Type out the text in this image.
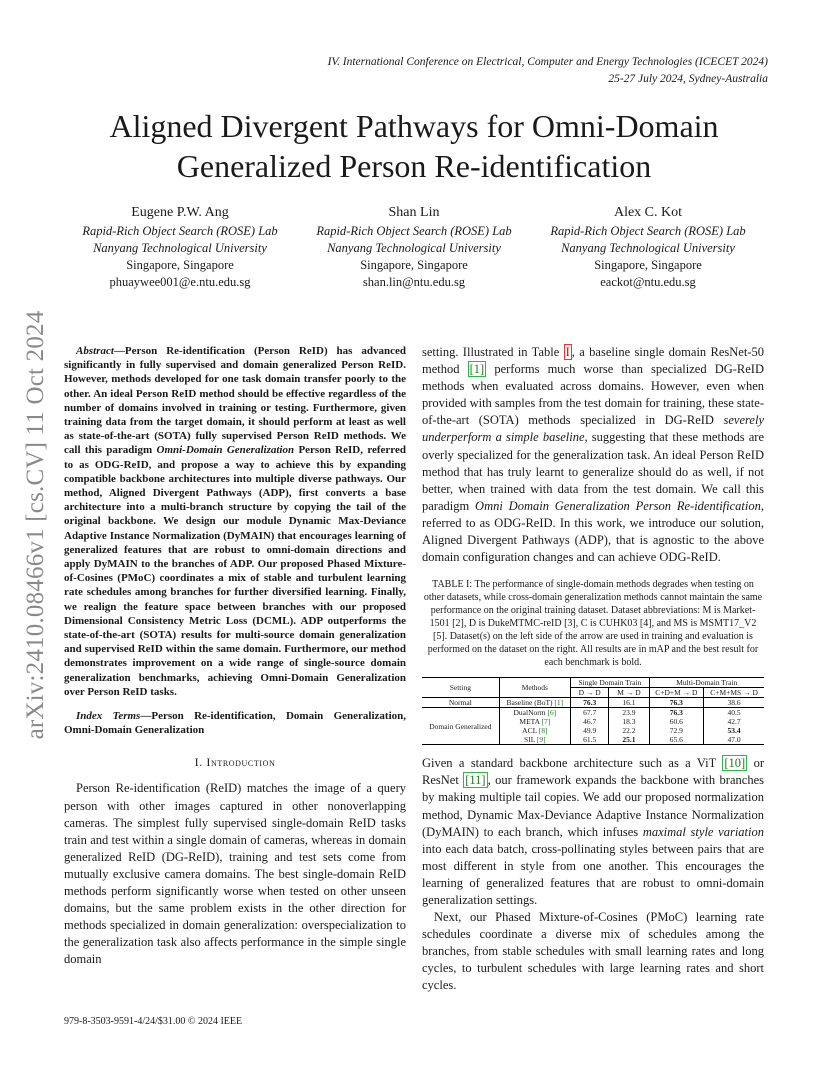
arXiv:2410.08466v1 [cs.CV] 11 Oct 2024
IV. International Conference on Electrical, Computer and Energy Technologies (ICECET 2024)
25-27 July 2024, Sydney-Australia
Aligned Divergent Pathways for Omni-Domain
Generalized Person Re-identification
Eugene P.W. Ang
Rapid-Rich Object Search (ROSE) Lab
Nanyang Technological University
Singapore, Singapore
phuaywee001@e.ntu.edu.sg
Shan Lin
Rapid-Rich Object Search (ROSE) Lab
Nanyang Technological University
Singapore, Singapore
shan.lin@ntu.edu.sg
Alex C. Kot
Rapid-Rich Object Search (ROSE) Lab
Nanyang Technological University
Singapore, Singapore
eackot@ntu.edu.sg

Abstract—Person Re-identification (Person ReID) has advanced significantly in fully supervised and domain generalized Person ReID. However, methods developed for one task domain transfer poorly to the other. An ideal Person ReID method should be effective regardless of the number of domains involved in training or testing. Furthermore, given training data from the target domain, it should perform at least as well as state-of-the-art (SOTA) fully supervised Person ReID methods. We call this paradigm Omni-Domain Generalization Person ReID, referred to as ODG-ReID, and propose a way to achieve this by expanding compatible backbone architectures into multiple diverse pathways. Our method, Aligned Divergent Pathways (ADP), first converts a base architecture into a multi-branch structure by copying the tail of the original backbone. We design our module Dynamic Max-Deviance Adaptive Instance Normalization (DyMAIN) that encourages learning of generalized features that are robust to omni-domain directions and apply DyMAIN to the branches of ADP. Our proposed Phased Mixture-of-Cosines (PMoC) coordinates a mix of stable and turbulent learning rate schedules among branches for further diversified learning. Finally, we realign the feature space between branches with our proposed Dimensional Consistency Metric Loss (DCML). ADP outperforms the state-of-the-art (SOTA) results for multi-source domain generalization and supervised ReID within the same domain. Furthermore, our method demonstrates improvement on a wide range of single-source domain generalization benchmarks, achieving Omni-Domain Generalization over Person ReID tasks.

Index Terms—Person Re-identification, Domain Generalization, Omni-Domain Generalization

I. Introduction

Person Re-identification (ReID) matches the image of a query person with other images captured in other nonoverlapping cameras. The simplest fully supervised single-domain ReID tasks train and test within a single domain of cameras, whereas in domain generalized ReID (DG-ReID), training and test sets come from mutually exclusive camera domains. The best single-domain ReID methods perform significantly worse when tested on other unseen domains, but the same problem exists in the other direction for methods specialized in domain generalization: overspecialization to the generalization task also affects performance in the simple single domain

setting. Illustrated in Table I , a baseline single domain ResNet-50 method [1] performs much worse than specialized DG-ReID methods when evaluated across domains. However, even when provided with samples from the test domain for training, these state-of-the-art (SOTA) methods specialized in DG-ReID severely underperform a simple baseline, suggesting that these methods are overly specialized for the generalization task. An ideal Person ReID method that has truly learnt to generalize should do as well, if not better, when trained with data from the test domain. We call this paradigm Omni Domain Generalization Person Re-identification, referred to as ODG-ReID. In this work, we introduce our solution, Aligned Divergent Pathways (ADP), that is agnostic to the above domain configuration changes and can achieve ODG-ReID.

TABLE I: The performance of single-domain methods degrades when testing on other datasets, while cross-domain generalization methods cannot maintain the same performance on the original training dataset. Dataset abbreviations: M is Market-1501 [2], D is DukeMTMC-reID [3], C is CUHK03 [4], and MS is MSMT17_V2 [5]. Dataset(s) on the left side of the arrow are used in training and evaluation is performed on the dataset on the right. All results are in mAP and the best result for each benchmark is bold.

Setting	Methods	Single Domain Train		Multi-Domain Train	
		D → D	M → D	C+D+M → D	C+M+MS → D
Normal	Baseline (BoT) [1]	76.3	16.1	76.3	38.6
Domain Generalized	DualNorm [6]	67.7	23.9	76.3	40.5
	META [7]	46.7	18.3	60.6	42.7
	ACL [8]	49.9	22.2	72.9	53.4
	SIL [9]	61.5	25.1	65.6	47.0

Given a standard backbone architecture such as a ViT [10] or ResNet [11] , our framework expands the backbone with branches by making multiple tail copies. We add our proposed normalization method, Dynamic Max-Deviance Adaptive Instance Normalization (DyMAIN) to each branch, which infuses maximal style variation into each data batch, cross-pollinating styles between pairs that are most different in style from one another. This encourages the learning of generalized features that are robust to omni-domain generalization settings.

Next, our Phased Mixture-of-Cosines (PMoC) learning rate schedules coordinate a diverse mix of schedules among the branches, from stable schedules with small learning rates and long cycles, to turbulent schedules with large learning rates and short cycles.

979-8-3503-9591-4/24/$31.00 © 2024 IEEE
